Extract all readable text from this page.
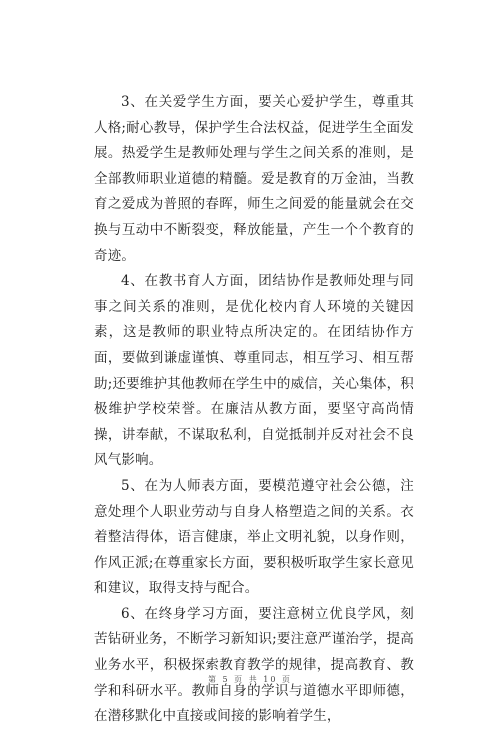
3、在关爱学生方面，要关心爱护学生，尊重其人格;耐心教导，保护学生合法权益，促进学生全面发展。热爱学生是教师处理与学生之间关系的准则，是全部教师职业道德的精髓。爱是教育的万金油，当教育之爱成为普照的春晖，师生之间爱的能量就会在交换与互动中不断裂变，释放能量，产生一个个教育的奇迹。

4、在教书育人方面，团结协作是教师处理与同事之间关系的准则，是优化校内育人环境的关键因素，这是教师的职业特点所决定的。在团结协作方面，要做到谦虚谨慎、尊重同志，相互学习、相互帮助;还要维护其他教师在学生中的威信，关心集体，积极维护学校荣誉。在廉洁从教方面，要坚守高尚情操，讲奉献，不谋取私利，自觉抵制并反对社会不良风气影响。

5、在为人师表方面，要模范遵守社会公德，注意处理个人职业劳动与自身人格塑造之间的关系。衣着整洁得体，语言健康，举止文明礼貌，以身作则，作风正派;在尊重家长方面，要积极听取学生家长意见和建议，取得支持与配合。

6、在终身学习方面，要注意树立优良学风，刻苦钻研业务，不断学习新知识;要注意严谨治学，提高业务水平，积极探索教育教学的规律，提高教育、教学和科研水平。教师自身的学识与道德水平即师德，在潜移默化中直接或间接的影响着学生，

第 5 页 共 10 页
